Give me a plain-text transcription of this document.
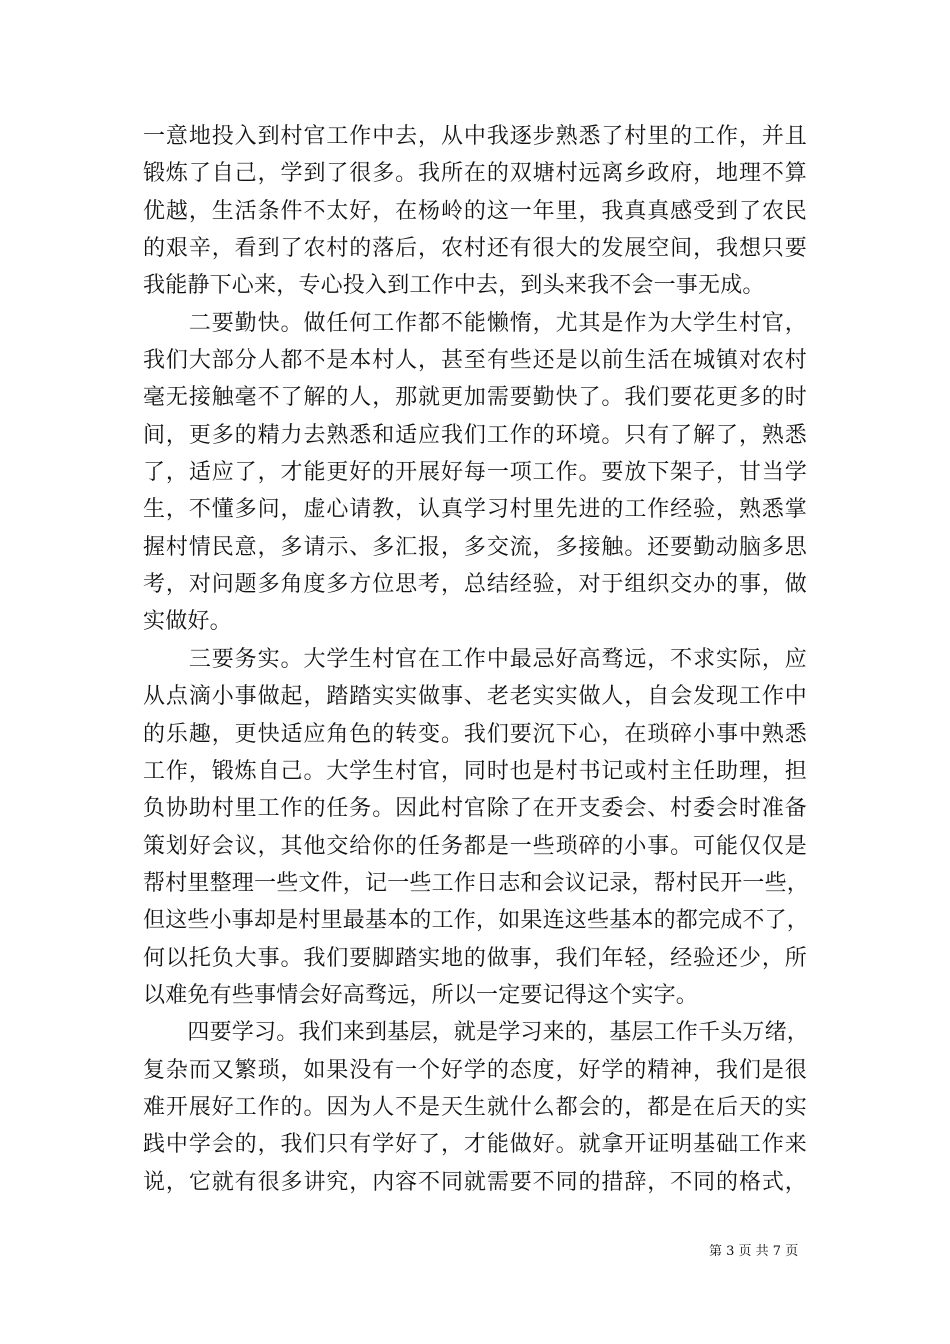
一意地投入到村官工作中去，从中我逐步熟悉了村里的工作，并且
锻炼了自己，学到了很多。我所在的双塘村远离乡政府，地理不算
优越，生活条件不太好，在杨岭的这一年里，我真真感受到了农民
的艰辛，看到了农村的落后，农村还有很大的发展空间，我想只要
我能静下心来，专心投入到工作中去，到头来我不会一事无成。
　　二要勤快。做任何工作都不能懒惰，尤其是作为大学生村官，
我们大部分人都不是本村人，甚至有些还是以前生活在城镇对农村
毫无接触毫不了解的人，那就更加需要勤快了。我们要花更多的时
间，更多的精力去熟悉和适应我们工作的环境。只有了解了，熟悉
了，适应了，才能更好的开展好每一项工作。要放下架子，甘当学
生，不懂多问，虚心请教，认真学习村里先进的工作经验，熟悉掌
握村情民意，多请示、多汇报，多交流，多接触。还要勤动脑多思
考，对问题多角度多方位思考，总结经验，对于组织交办的事，做
实做好。
　　三要务实。大学生村官在工作中最忌好高骛远，不求实际，应
从点滴小事做起，踏踏实实做事、老老实实做人，自会发现工作中
的乐趣，更快适应角色的转变。我们要沉下心，在琐碎小事中熟悉
工作，锻炼自己。大学生村官，同时也是村书记或村主任助理，担
负协助村里工作的任务。因此村官除了在开支委会、村委会时准备
策划好会议，其他交给你的任务都是一些琐碎的小事。可能仅仅是
帮村里整理一些文件，记一些工作日志和会议记录，帮村民开一些，
但这些小事却是村里最基本的工作，如果连这些基本的都完成不了，
何以托负大事。我们要脚踏实地的做事，我们年轻，经验还少，所
以难免有些事情会好高骛远，所以一定要记得这个实字。
　　四要学习。我们来到基层，就是学习来的，基层工作千头万绪，
复杂而又繁琐，如果没有一个好学的态度，好学的精神，我们是很
难开展好工作的。因为人不是天生就什么都会的，都是在后天的实
践中学会的，我们只有学好了，才能做好。就拿开证明基础工作来
说，它就有很多讲究，内容不同就需要不同的措辞，不同的格式，
第 3 页 共 7 页
